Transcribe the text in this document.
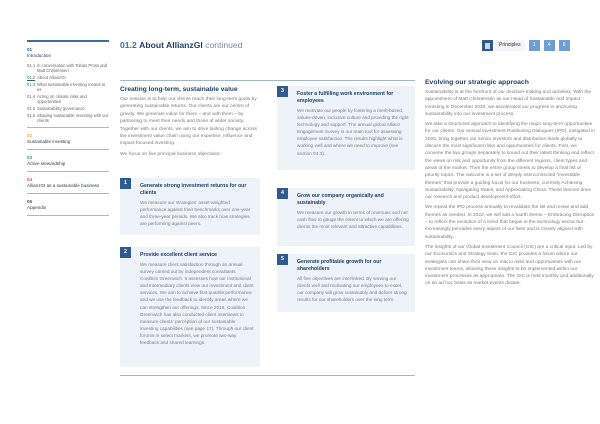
01
Introduction
01.1 In conversation with Tobias Pross and Matt Christensen
01.2 About AllianzGI
01.3 What sustainable investing means to us
01.4 Acting on climate risks and opportunities
01.5 Sustainability governance
01.6 Shaping sustainable investing with our clients
02
Sustainable investing
03
Active stewardship
04
AllianzGI as a sustainable business
05
Appendix
01.2 About AllianzGI continued	Principles	1	4	6
Creating long-term, sustainable value

Our mission is to help our clients reach their long-term goals by generating sustainable returns. Our clients are our centre of gravity. We generate value for them – and with them – by partnering to meet their needs and those of wider society. Together with our clients, we aim to drive lasting change across the investment value chain using our expertise, influence and impact-focused investing.

We focus on five principal business objectives:

1	Generate strong investment returns for our clients
We measure our strategies' asset-weighted performance against their benchmarks over one-year and three-year periods. We also track how strategies are performing against peers.
2	Provide excellent client service
We measure client satisfaction through an annual survey carried out by independent consultants Coalition Greenwich. It assesses how our institutional and intermediary clients view our investment and client services. We aim to achieve first-quartile performance and we use the feedback to identify areas where we can strengthen our offerings. Since 2018, Coalition Greenwich has also conducted client interviews to measure clients' perception of our sustainable investing capabilities (see page 17). Through our client forums in select markets, we promote two-way feedback and shared learnings.
3	Foster a fulfilling work environment for employees
We motivate our people by fostering a merit-based, values-driven, inclusive culture and providing the right technology and support. The annual global Allianz Engagement Survey is our main tool for assessing employee satisfaction. The results highlight what is working well and where we need to improve (see section 04.3).
4	Grow our company organically and sustainably
We measure our growth in terms of revenues and net cash flow to gauge the extent to which we are offering clients the most relevant and attractive capabilities.
5	Generate profitable growth for our shareholders
All five objectives are interlinked. By serving our clients well and motivating our employees to excel, our company will grow sustainably and deliver strong results for our shareholders over the long term.
Evolving our strategic approach

Sustainability is at the forefront of our decision-making and activities. With the appointment of Matt Christensen as our Head of Sustainable and Impact Investing in December 2020, we accelerated our progress in anchoring sustainability into our investment process.

We take a structured approach to identifying the major long-term opportunities for our clients. Our annual Investment Positioning Dialogues (IPD), instigated in 2020, bring together our senior investors and distribution leads globally to discuss the most significant risks and opportunities for clients. First, we convene the two groups separately to sound out their latest thinking and reflect the views on risk and opportunity from the different regions, client types and areas of the market. Then the entire group meets to develop a final list of priority topics. The outcome is a set of deeply interconnected "investable themes" that provide a guiding focus for our business, currently Achieving Sustainability; Navigating Rates; and Appreciating China. These themes drive our research and product development effort.

We repeat the IPD process annually to revalidate the list and revise and add themes as needed. In 2022, we will add a fourth theme – Embracing Disruption – to reflect the evolution of a trend that began in the technology sector but increasingly pervades every aspect of our lives and is closely aligned with sustainability.

The insights of our Global Investment Council (GIC) are a critical input. Led by our Economics and Strategy team, the GIC provides a forum where our strategists can share their view on macro risks and opportunities with our investment teams, allowing these insights to be implemented within our investment processes as appropriate. The GIC is held monthly and additionally on an ad hoc basis as market events dictate.
